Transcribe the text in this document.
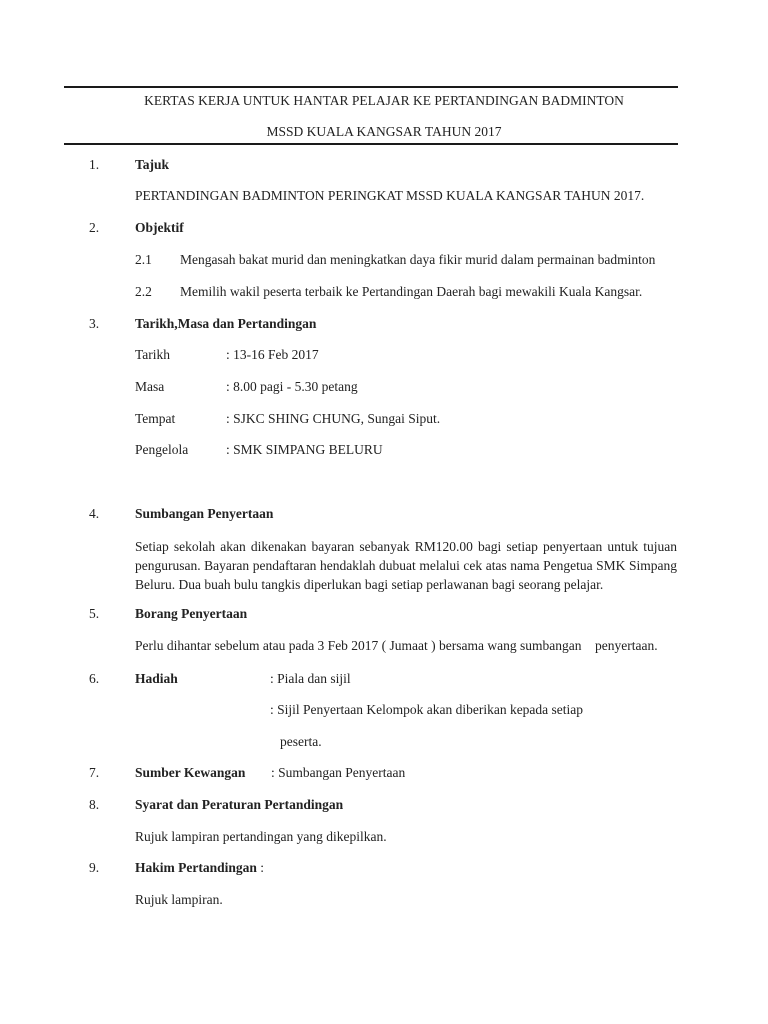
KERTAS KERJA UNTUK HANTAR PELAJAR KE PERTANDINGAN BADMINTON
MSSD KUALA KANGSAR TAHUN 2017
1.	Tajuk
PERTANDINGAN BADMINTON PERINGKAT MSSD KUALA KANGSAR TAHUN 2017.
2.	Objektif
2.1 Mengasah bakat murid dan meningkatkan daya fikir murid dalam permainan badminton
2.2 Memilih wakil peserta terbaik ke Pertandingan Daerah bagi mewakili Kuala Kangsar.
3.	Tarikh,Masa dan Pertandingan
Tarikh	: 13-16 Feb 2017
Masa	: 8.00 pagi - 5.30 petang
Tempat	: SJKC SHING CHUNG, Sungai Siput.
Pengelola	: SMK SIMPANG BELURU
4.	Sumbangan Penyertaan
Setiap sekolah akan dikenakan bayaran sebanyak RM120.00 bagi setiap penyertaan untuk tujuan pengurusan. Bayaran pendaftaran hendaklah dubuat melalui cek atas nama Pengetua SMK Simpang Beluru. Dua buah bulu tangkis diperlukan bagi setiap perlawanan bagi seorang pelajar.
5.	Borang Penyertaan
Perlu dihantar sebelum atau pada 3 Feb 2017 ( Jumaat ) bersama wang sumbangan    penyertaan.
6.	Hadiah	: Piala dan sijil
: Sijil Penyertaan Kelompok akan diberikan kepada setiap
peserta.
7.	Sumber Kewangan : Sumbangan Penyertaan
8.	Syarat dan Peraturan Pertandingan
Rujuk lampiran pertandingan yang dikepilkan.
9.	Hakim Pertandingan :
Rujuk lampiran.
